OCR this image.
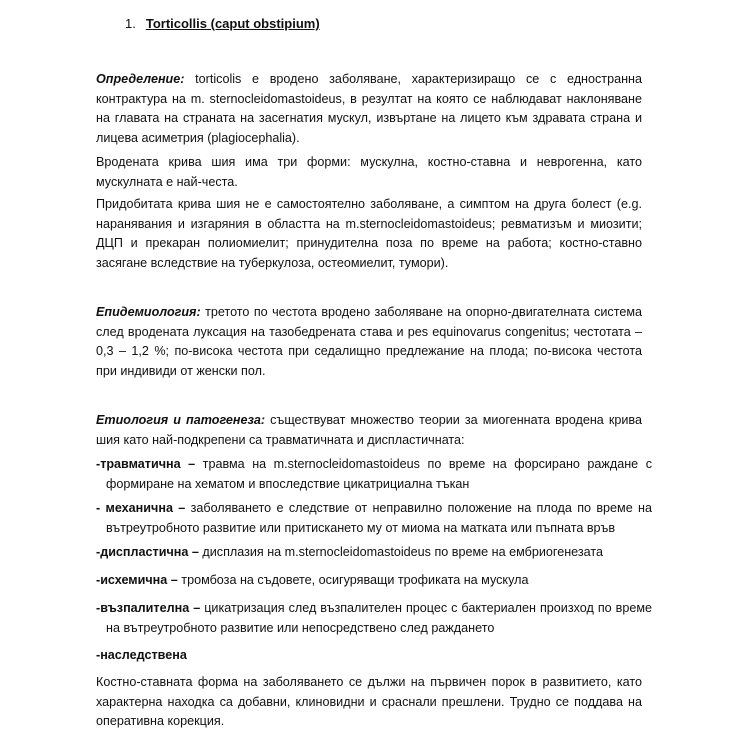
1. Torticollis (caput obstipium)

Определение: torticolis е вродено заболяване, характеризиращо се с едностранна контрактура на m. sternocleidomastoideus, в резултат на която се наблюдават наклоняване на главата на страната на засегнатия мускул, извъртане на лицето към здравата страна и лицева асиметрия (plagiocephalia).

Вродената крива шия има три форми: мускулна, костно-ставна и неврогенна, като мускулната е най-честа.

Придобитата крива шия не е самостоятелно заболяване, а симптом на друга болест (e.g. наранявания и изгаряния в областта на m.sternocleidomastoideus; ревматизъм и миозити; ДЦП и прекаран полиомиелит; принудителна поза по време на работа; костно-ставно засягане вследствие на туберкулоза, остеомиелит, тумори).

Епидемиология: третото по честота вродено заболяване на опорно-двигателната система след вродената луксация на тазобедрената става и pes equinovarus congenitus; честотата – 0,3 – 1,2 %; по-висока честота при седалищно предлежание на плода; по-висока честота при индивиди от женски пол.

Етиология и патогенеза: съществуват множество теории за миогенната вродена крива шия като най-подкрепени са травматичната и диспластичната:

-травматична – травма на m.sternocleidomastoideus по време на форсирано раждане с формиране на хематом и впоследствие цикатрициална тъкан

- механична – заболяването е следствие от неправилно положение на плода по време на вътреутробното развитие или притискането му от миома на матката или пъпната връв

-диспластична – дисплазия на m.sternocleidomastoideus по време на ембриогенезата

-исхемична – тромбоза на съдовете, осигуряващи трофиката на мускула

-възпалителна – цикатризация след възпалителен процес с бактериален произход по време на вътреутробното развитие или непосредствено след раждането

-наследствена

Костно-ставната форма на заболяването се дължи на първичен порок в развитието, като характерна находка са добавни, клиновидни и сраснали прешлени. Трудно се поддава на оперативна корекция.
